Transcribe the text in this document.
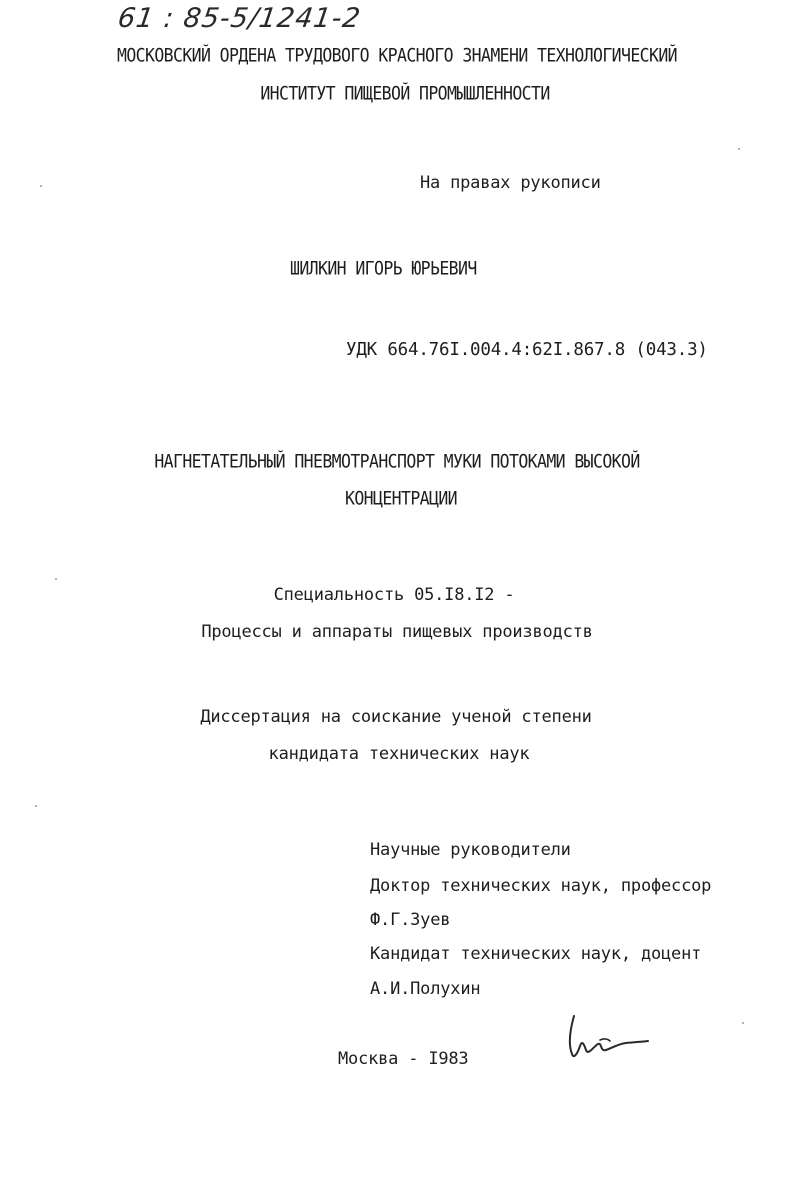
61 : 85-5/1241-2
МОСКОВСКИЙ ОРДЕНА ТРУДОВОГО КРАСНОГО ЗНАМЕНИ ТЕХНОЛОГИЧЕСКИЙ
ИНСТИТУТ ПИЩЕВОЙ ПРОМЫШЛЕННОСТИ
На правах рукописи
ШИЛКИН ИГОРЬ ЮРЬЕВИЧ
УДК 664.76I.004.4:62I.867.8 (043.3)
НАГНЕТАТЕЛЬНЫЙ ПНЕВМОТРАНСПОРТ МУКИ ПОТОКАМИ ВЫСОКОЙ
КОНЦЕНТРАЦИИ
Специальность 05.I8.I2 -
Процессы и аппараты пищевых производств
Диссертация на соискание ученой степени
кандидата технических наук
Научные руководители
Доктор технических наук, профессор
Ф.Г.Зуев
Кандидат технических наук, доцент
А.И.Полухин
Москва - I983
